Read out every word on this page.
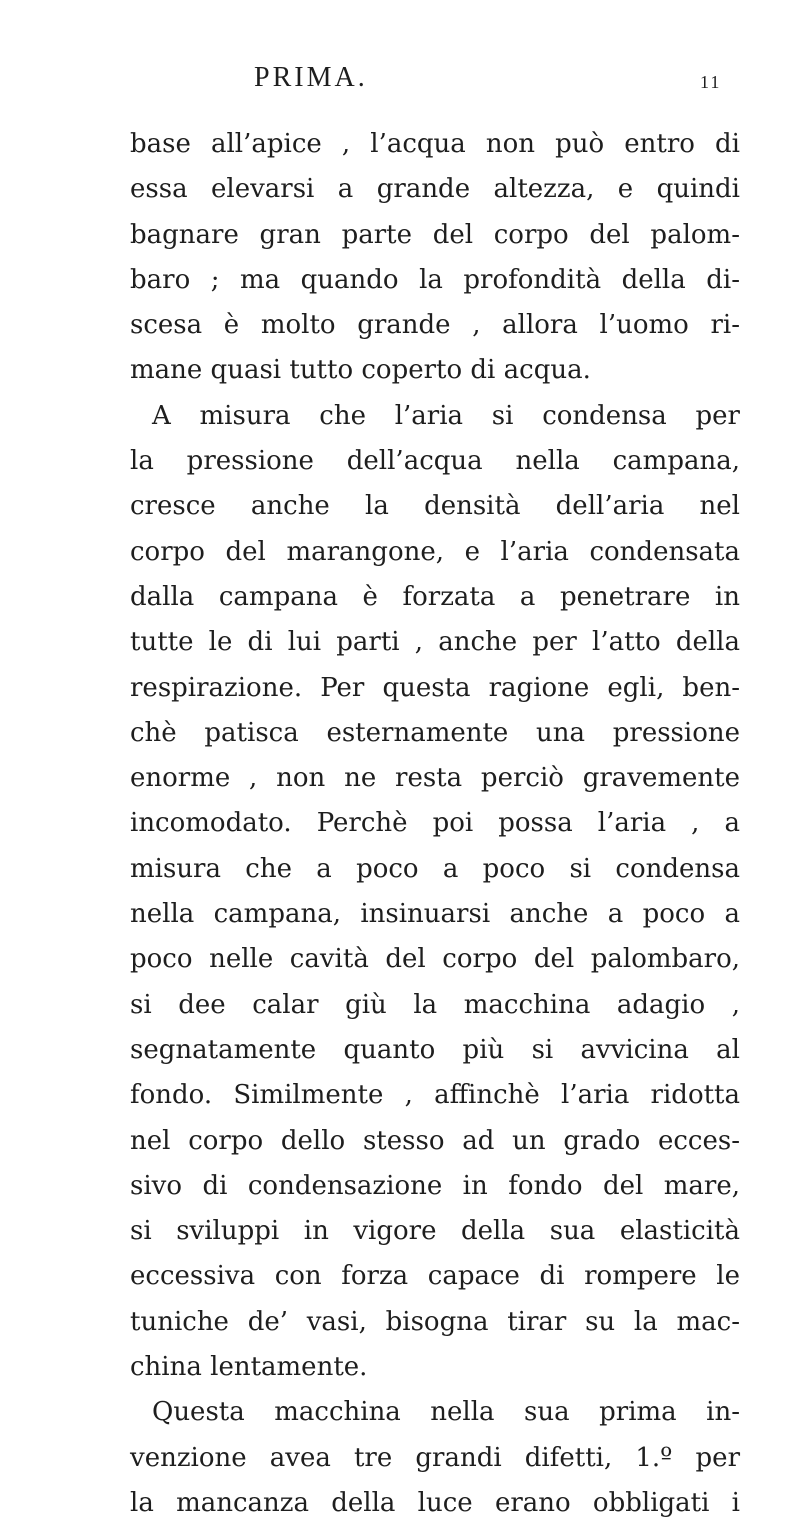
PRIMA.	11
base all’apice , l’acqua non può entro di
essa elevarsi a grande altezza, e quindi
bagnare gran parte del corpo del palom-
baro ; ma quando la profondità della di-
scesa è molto grande , allora l’uomo ri-
mane quasi tutto coperto di acqua.
A misura che l’aria si condensa per
la pressione dell’acqua nella campana,
cresce anche la densità dell’aria nel
corpo del marangone, e l’aria condensata
dalla campana è forzata a penetrare in
tutte le di lui parti , anche per l’atto della
respirazione. Per questa ragione egli, ben-
chè patisca esternamente una pressione
enorme , non ne resta perciò gravemente
incomodato. Perchè poi possa l’aria , a
misura che a poco a poco si condensa
nella campana, insinuarsi anche a poco a
poco nelle cavità del corpo del palombaro,
si dee calar giù la macchina adagio ,
segnatamente quanto più si avvicina al
fondo. Similmente , affinchè l’aria ridotta
nel corpo dello stesso ad un grado ecces-
sivo di condensazione in fondo del mare,
si sviluppi in vigore della sua elasticità
eccessiva con forza capace di rompere le
tuniche de’ vasi, bisogna tirar su la mac-
china lentamente.
Questa macchina nella sua prima in-
venzione avea tre grandi difetti, 1.º per
la mancanza della luce erano obbligati i
